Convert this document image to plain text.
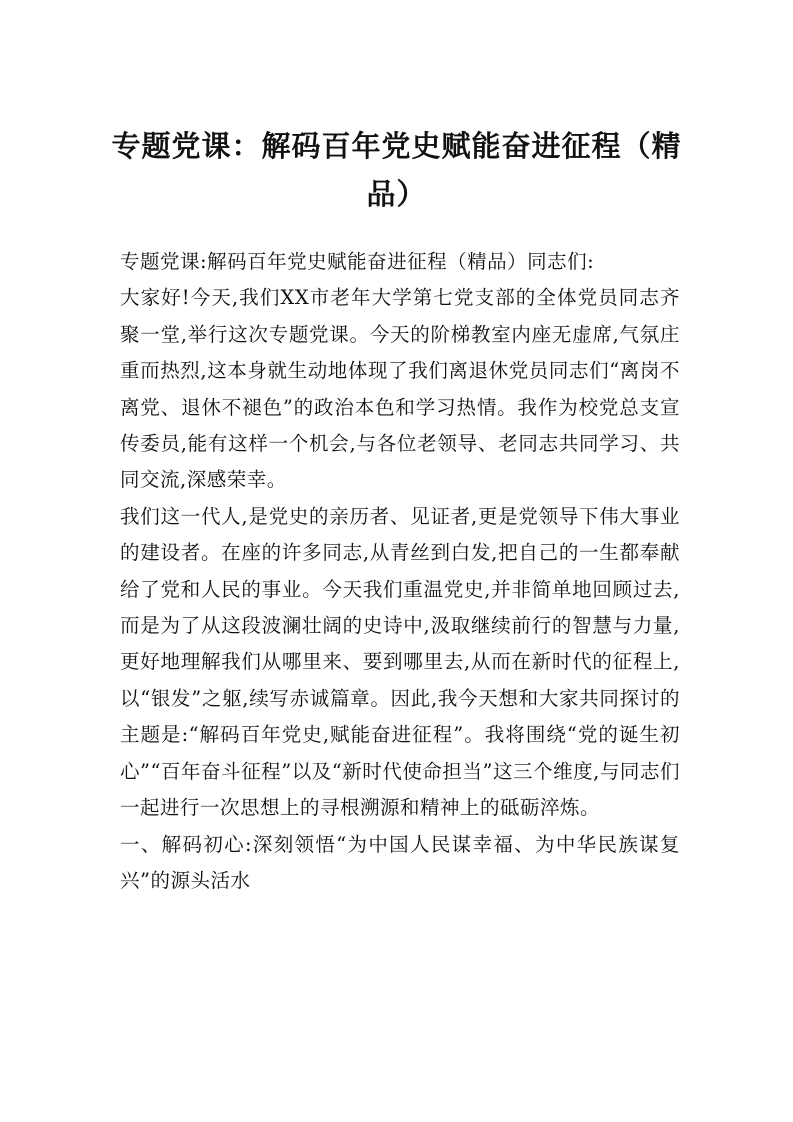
专题党课：解码百年党史赋能奋进征程（精品）

专题党课:解码百年党史赋能奋进征程（精品）同志们:

大家好!今天,我们XX市老年大学第七党支部的全体党员同志齐聚一堂,举行这次专题党课。今天的阶梯教室内座无虚席,气氛庄重而热烈,这本身就生动地体现了我们离退休党员同志们“离岗不离党、退休不褪色”的政治本色和学习热情。我作为校党总支宣传委员,能有这样一个机会,与各位老领导、老同志共同学习、共同交流,深感荣幸。

我们这一代人,是党史的亲历者、见证者,更是党领导下伟大事业的建设者。在座的许多同志,从青丝到白发,把自己的一生都奉献给了党和人民的事业。今天我们重温党史,并非简单地回顾过去,而是为了从这段波澜壮阔的史诗中,汲取继续前行的智慧与力量,更好地理解我们从哪里来、要到哪里去,从而在新时代的征程上,以“银发”之躯,续写赤诚篇章。因此,我今天想和大家共同探讨的主题是:“解码百年党史,赋能奋进征程”。我将围绕“党的诞生初心”“百年奋斗征程”以及“新时代使命担当”这三个维度,与同志们一起进行一次思想上的寻根溯源和精神上的砥砺淬炼。

一、解码初心:深刻领悟“为中国人民谋幸福、为中华民族谋复兴”的源头活水
